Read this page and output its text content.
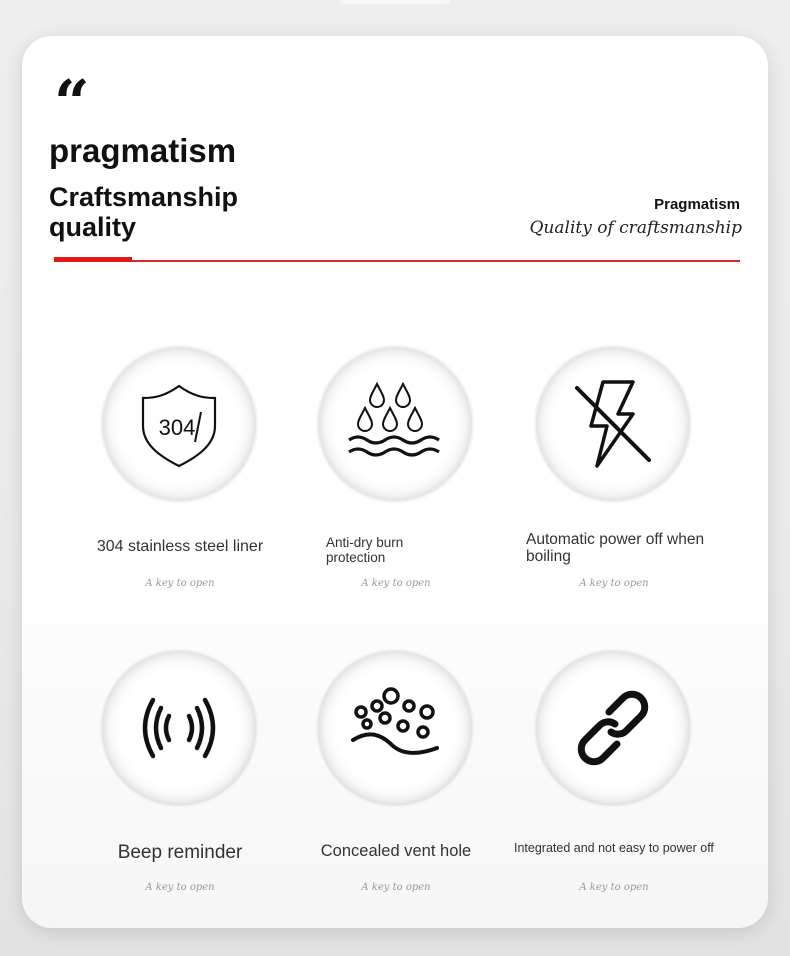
“
pragmatism
Craftsmanship quality
Pragmatism
Quality of craftsmanship
304
304 stainless steel liner
A key to open
Anti-dry burn protection
A key to open
Automatic power off when boiling
A key to open
Beep reminder
A key to open
Concealed vent hole
A key to open
Integrated and not easy to power off
A key to open
